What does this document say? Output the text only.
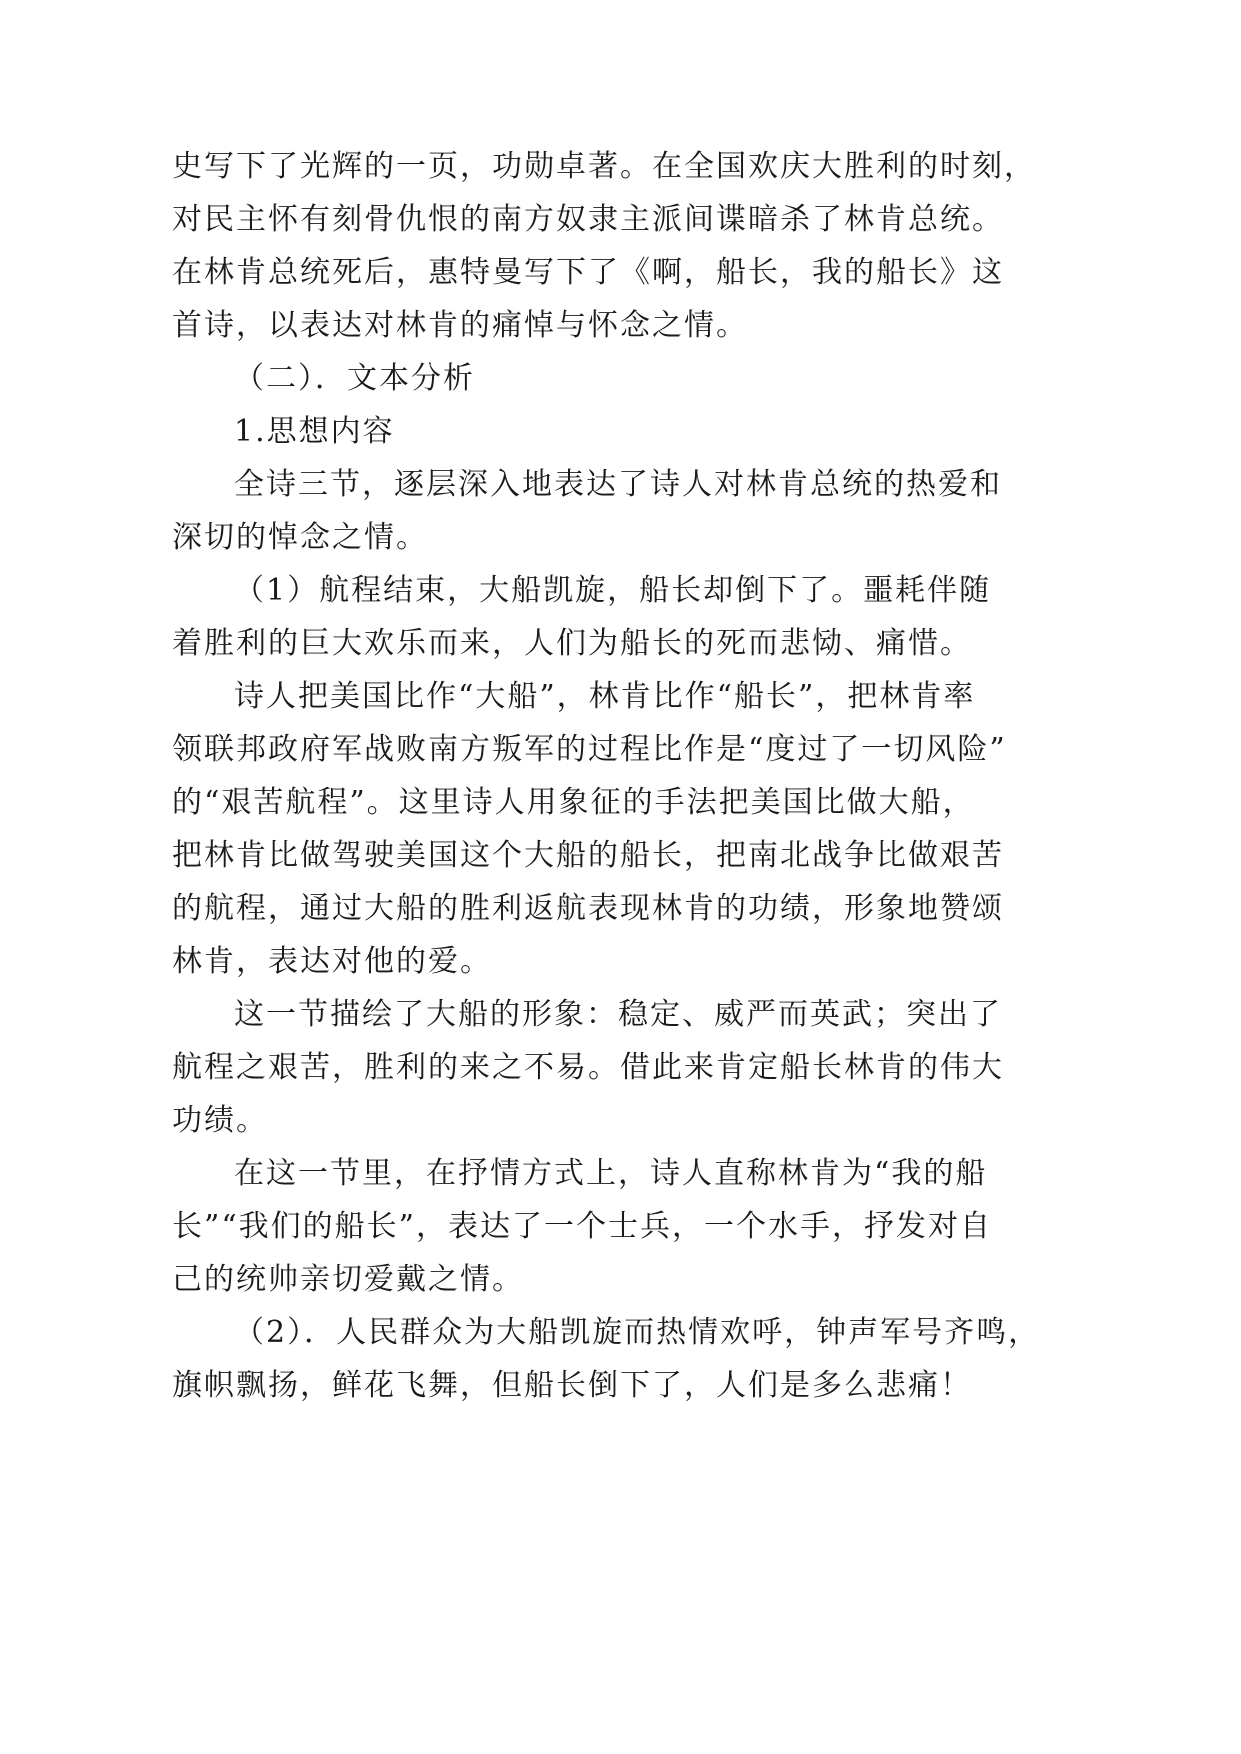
史写下了光辉的一页，功勋卓著。在全国欢庆大胜利的时刻，
对民主怀有刻骨仇恨的南方奴隶主派间谍暗杀了林肯总统。
在林肯总统死后，惠特曼写下了《啊，船长，我的船长》这
首诗，以表达对林肯的痛悼与怀念之情。
（二）．文本分析
1.思想内容
全诗三节，逐层深入地表达了诗人对林肯总统的热爱和
深切的悼念之情。
（1）航程结束，大船凯旋，船长却倒下了。噩耗伴随
着胜利的巨大欢乐而来，人们为船长的死而悲恸、痛惜。
诗人把美国比作“大船”，林肯比作“船长”，把林肯率
领联邦政府军战败南方叛军的过程比作是“度过了一切风险”
的“艰苦航程”。这里诗人用象征的手法把美国比做大船，
把林肯比做驾驶美国这个大船的船长，把南北战争比做艰苦
的航程，通过大船的胜利返航表现林肯的功绩，形象地赞颂
林肯，表达对他的爱。
这一节描绘了大船的形象：稳定、威严而英武；突出了
航程之艰苦，胜利的来之不易。借此来肯定船长林肯的伟大
功绩。
在这一节里，在抒情方式上，诗人直称林肯为“我的船
长”“我们的船长”，表达了一个士兵，一个水手，抒发对自
己的统帅亲切爱戴之情。
（2）．人民群众为大船凯旋而热情欢呼，钟声军号齐鸣，
旗帜飘扬，鲜花飞舞，但船长倒下了，人们是多么悲痛！
